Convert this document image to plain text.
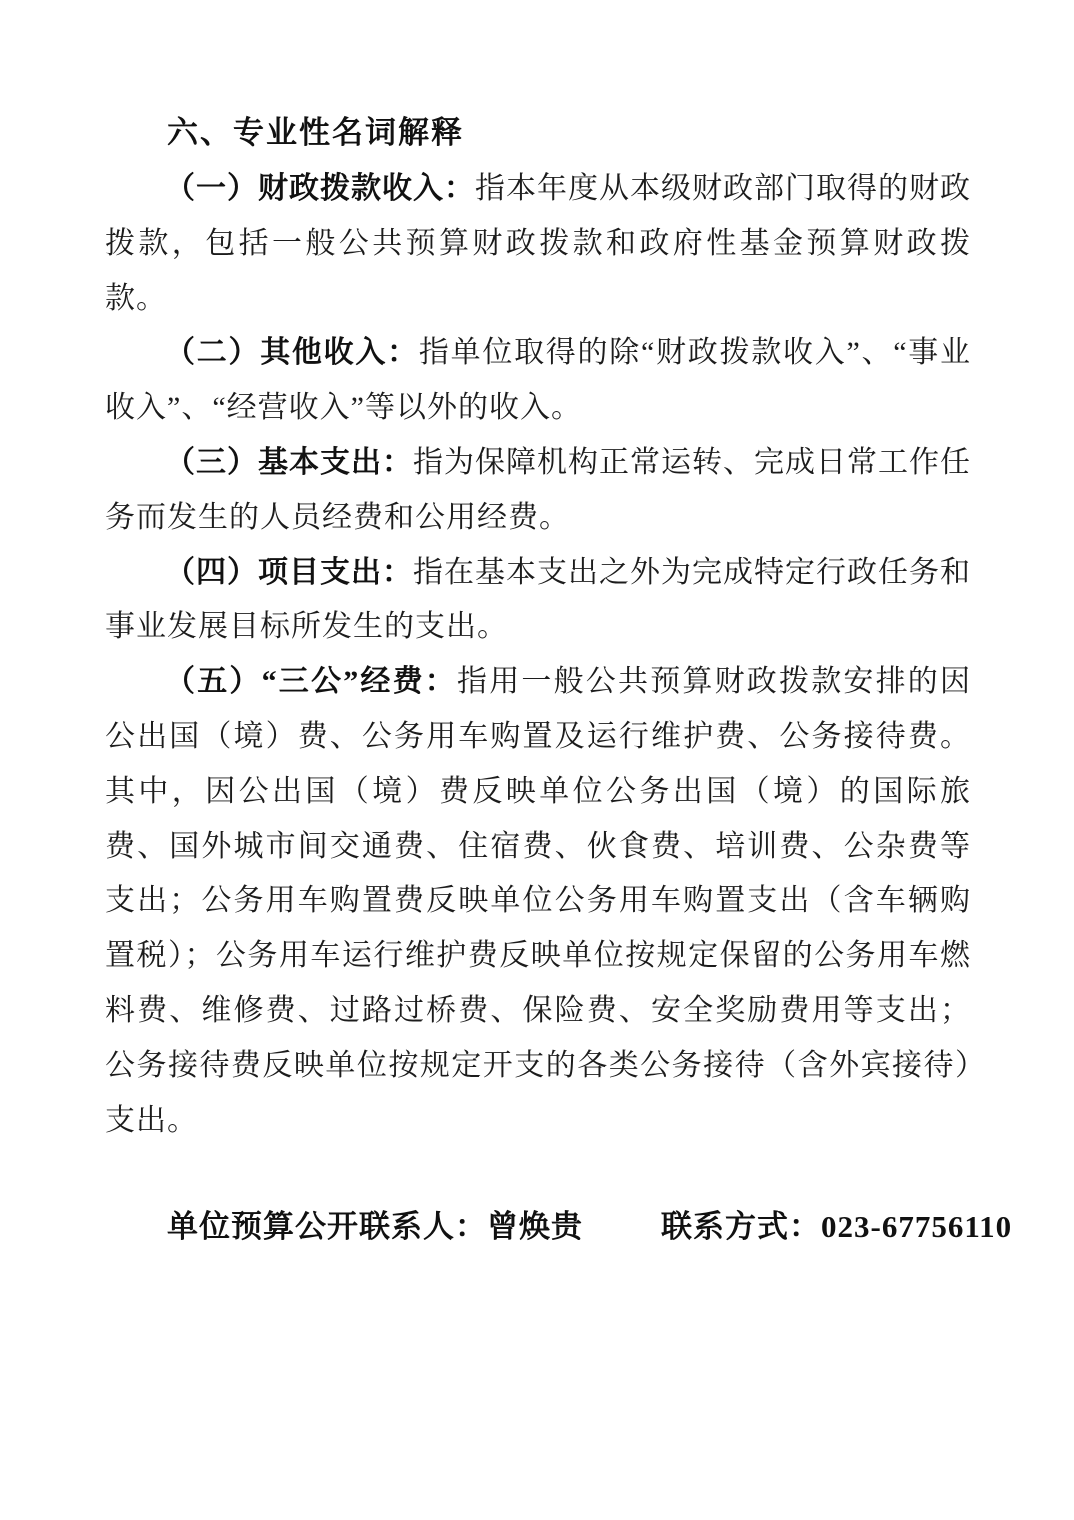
六、专业性名词解释

（一）财政拨款收入：指本年度从本级财政部门取得的财政拨款，包括一般公共预算财政拨款和政府性基金预算财政拨款。

（二）其他收入：指单位取得的除“财政拨款收入”、“事业收入”、“经营收入”等以外的收入。

（三）基本支出：指为保障机构正常运转、完成日常工作任务而发生的人员经费和公用经费。

（四）项目支出：指在基本支出之外为完成特定行政任务和事业发展目标所发生的支出。

（五）“三公”经费：指用一般公共预算财政拨款安排的因公出国（境）费、公务用车购置及运行维护费、公务接待费。其中，因公出国（境）费反映单位公务出国（境）的国际旅费、国外城市间交通费、住宿费、伙食费、培训费、公杂费等支出；公务用车购置费反映单位公务用车购置支出（含车辆购置税）；公务用车运行维护费反映单位按规定保留的公务用车燃料费、维修费、过路过桥费、保险费、安全奖励费用等支出；公务接待费反映单位按规定开支的各类公务接待（含外宾接待）支出。

单位预算公开联系人：曾焕贵	联系方式：023-67756110
